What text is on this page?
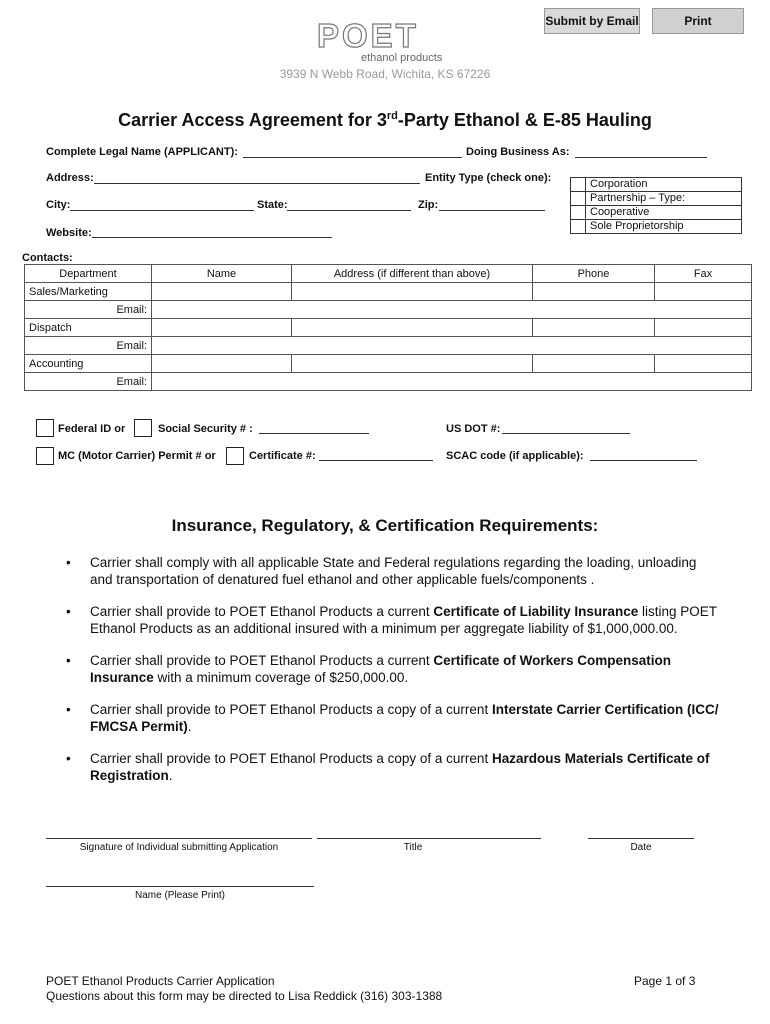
Submit by Email	Print
POET
ethanol products
3939 N Webb Road, Wichita, KS 67226
Carrier Access Agreement for 3rd-Party Ethanol & E-85 Hauling
Complete Legal Name (APPLICANT):	Doing Business As:
Address:	Entity Type (check one):
City:	State:	Zip:
Website:
	Corporation
	Partnership – Type:
	Cooperative
	Sole Proprietorship
Contacts:
Department	Name	Address (if different than above)	Phone	Fax
Sales/Marketing				
Email:				
Dispatch				
Email:				
Accounting				
Email:				
Federal ID or	Social Security # :	US DOT #:
MC (Motor Carrier) Permit # or	Certificate #:	SCAC code (if applicable):
Insurance, Regulatory, & Certification Requirements:
• Carrier shall comply with all applicable State and Federal regulations regarding the loading, unloading and transportation of denatured fuel ethanol and other applicable fuels/components .
• Carrier shall provide to POET Ethanol Products a current Certificate of Liability Insurance listing POET Ethanol Products as an additional insured with a minimum per aggregate liability of $1,000,000.00.
• Carrier shall provide to POET Ethanol Products a current Certificate of Workers Compensation Insurance with a minimum coverage of $250,000.00.
• Carrier shall provide to POET Ethanol Products a copy of a current Interstate Carrier Certification (ICC/ FMCSA Permit).
• Carrier shall provide to POET Ethanol Products a copy of a current Hazardous Materials Certificate of Registration.
Signature of Individual submitting Application	Title	Date
Name (Please Print)
POET Ethanol Products Carrier Application
Questions about this form may be directed to Lisa Reddick (316) 303-1388
Page 1 of 3
